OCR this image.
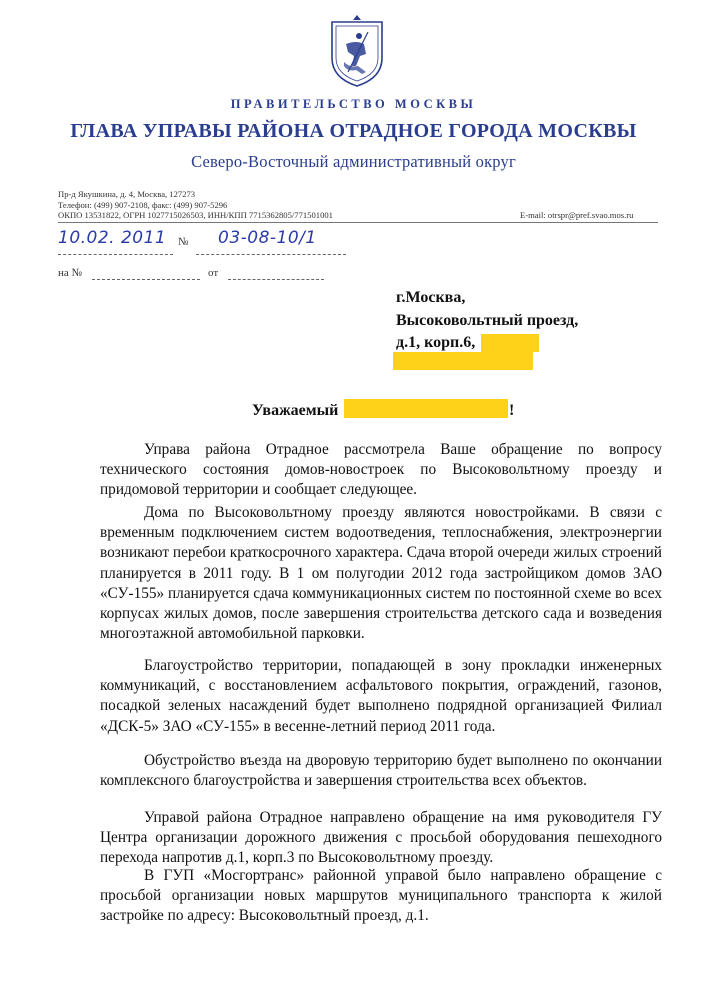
ПРАВИТЕЛЬСТВО МОСКВЫ
ГЛАВА УПРАВЫ РАЙОНА ОТРАДНОЕ ГОРОДА МОСКВЫ
Северо-Восточный административный округ
Пр-д Якушкина, д. 4, Москва, 127273
Телефон: (499) 907-2108, факс: (499) 907-5296
ОКПО 13531822, ОГРН 1027715026503, ИНН/КПП 7715362805/771501001	E-mail: otrspr@pref.svao.mos.ru
10.02. 2011 №	03-08-10/1
на №	от
г.Москва,
Высоковольтный проезд,
д.1, корп.6,
Уважаемый	!

Управа района Отрадное рассмотрела Ваше обращение по вопросу технического состояния домов-новостроек по Высоковольтному проезду и придомовой территории и сообщает следующее.

Дома по Высоковольтному проезду являются новостройками. В связи с временным подключением систем водоотведения, теплоснабжения, электроэнергии возникают перебои краткосрочного характера. Сдача второй очереди жилых строений планируется в 2011 году. В 1 ом полугодии 2012 года застройщиком домов ЗАО «СУ-155» планируется сдача коммуникационных систем по постоянной схеме во всех корпусах жилых домов, после завершения строительства детского сада и возведения многоэтажной автомобильной парковки.

Благоустройство территории, попадающей в зону прокладки инженерных коммуникаций, с восстановлением асфальтового покрытия, ограждений, газонов, посадкой зеленых насаждений будет выполнено подрядной организацией Филиал «ДСК-5» ЗАО «СУ-155» в весенне-летний период 2011 года.

Обустройство въезда на дворовую территорию будет выполнено по окончании комплексного благоустройства и завершения строительства всех объектов.

Управой района Отрадное направлено обращение на имя руководителя ГУ Центра организации дорожного движения с просьбой оборудования пешеходного перехода напротив д.1, корп.3 по Высоковольтному проезду.

В ГУП «Мосгортранс» районной управой было направлено обращение с просьбой организации новых маршрутов муниципального транспорта к жилой застройке по адресу: Высоковольтный проезд, д.1.
